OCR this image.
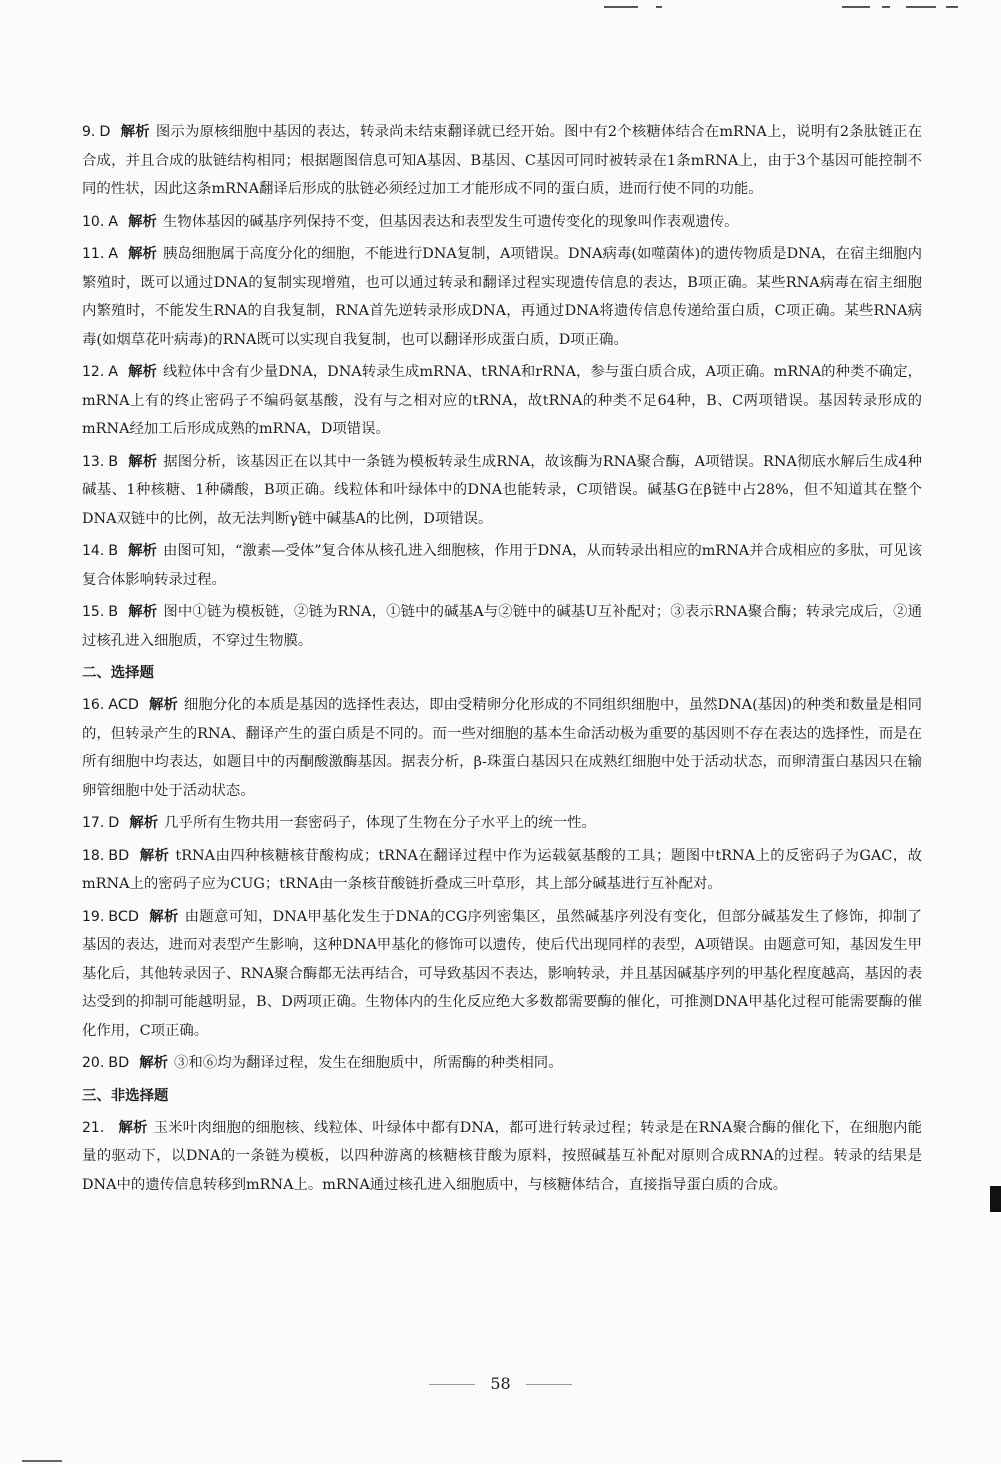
9. D 解析 图示为原核细胞中基因的表达，转录尚未结束翻译就已经开始。图中有2个核糖体结合在mRNA上，说明有2条肽链正在合成，并且合成的肽链结构相同；根据题图信息可知A基因、B基因、C基因可同时被转录在1条mRNA上，由于3个基因可能控制不同的性状，因此这条mRNA翻译后形成的肽链必须经过加工才能形成不同的蛋白质，进而行使不同的功能。
10. A 解析 生物体基因的碱基序列保持不变，但基因表达和表型发生可遗传变化的现象叫作表观遗传。
11. A 解析 胰岛细胞属于高度分化的细胞，不能进行DNA复制，A项错误。DNA病毒(如噬菌体)的遗传物质是DNA，在宿主细胞内繁殖时，既可以通过DNA的复制实现增殖，也可以通过转录和翻译过程实现遗传信息的表达，B项正确。某些RNA病毒在宿主细胞内繁殖时，不能发生RNA的自我复制，RNA首先逆转录形成DNA，再通过DNA将遗传信息传递给蛋白质，C项正确。某些RNA病毒(如烟草花叶病毒)的RNA既可以实现自我复制，也可以翻译形成蛋白质，D项正确。
12. A 解析 线粒体中含有少量DNA，DNA转录生成mRNA、tRNA和rRNA，参与蛋白质合成，A项正确。mRNA的种类不确定，mRNA上有的终止密码子不编码氨基酸，没有与之相对应的tRNA，故tRNA的种类不足64种，B、C两项错误。基因转录形成的mRNA经加工后形成成熟的mRNA，D项错误。
13. B 解析 据图分析，该基因正在以其中一条链为模板转录生成RNA，故该酶为RNA聚合酶，A项错误。RNA彻底水解后生成4种碱基、1种核糖、1种磷酸，B项正确。线粒体和叶绿体中的DNA也能转录，C项错误。碱基G在β链中占28%，但不知道其在整个DNA双链中的比例，故无法判断γ链中碱基A的比例，D项错误。
14. B 解析 由图可知，“激素—受体”复合体从核孔进入细胞核，作用于DNA，从而转录出相应的mRNA并合成相应的多肽，可见该复合体影响转录过程。
15. B 解析 图中①链为模板链，②链为RNA，①链中的碱基A与②链中的碱基U互补配对；③表示RNA聚合酶；转录完成后，②通过核孔进入细胞质，不穿过生物膜。
二、选择题
16. ACD 解析 细胞分化的本质是基因的选择性表达，即由受精卵分化形成的不同组织细胞中，虽然DNA(基因)的种类和数量是相同的，但转录产生的RNA、翻译产生的蛋白质是不同的。而一些对细胞的基本生命活动极为重要的基因则不存在表达的选择性，而是在所有细胞中均表达，如题目中的丙酮酸激酶基因。据表分析，β-珠蛋白基因只在成熟红细胞中处于活动状态，而卵清蛋白基因只在输卵管细胞中处于活动状态。
17. D 解析 几乎所有生物共用一套密码子，体现了生物在分子水平上的统一性。
18. BD 解析 tRNA由四种核糖核苷酸构成；tRNA在翻译过程中作为运载氨基酸的工具；题图中tRNA上的反密码子为GAC，故mRNA上的密码子应为CUG；tRNA由一条核苷酸链折叠成三叶草形，其上部分碱基进行互补配对。
19. BCD 解析 由题意可知，DNA甲基化发生于DNA的CG序列密集区，虽然碱基序列没有变化，但部分碱基发生了修饰，抑制了基因的表达，进而对表型产生影响，这种DNA甲基化的修饰可以遗传，使后代出现同样的表型，A项错误。由题意可知，基因发生甲基化后，其他转录因子、RNA聚合酶都无法再结合，可导致基因不表达，影响转录，并且基因碱基序列的甲基化程度越高，基因的表达受到的抑制可能越明显，B、D两项正确。生物体内的生化反应绝大多数都需要酶的催化，可推测DNA甲基化过程可能需要酶的催化作用，C项正确。
20. BD 解析 ③和⑥均为翻译过程，发生在细胞质中，所需酶的种类相同。
三、非选择题
21. 解析 玉米叶肉细胞的细胞核、线粒体、叶绿体中都有DNA，都可进行转录过程；转录是在RNA聚合酶的催化下，在细胞内能量的驱动下，以DNA的一条链为模板，以四种游离的核糖核苷酸为原料，按照碱基互补配对原则合成RNA的过程。转录的结果是DNA中的遗传信息转移到mRNA上。mRNA通过核孔进入细胞质中，与核糖体结合，直接指导蛋白质的合成。
58
